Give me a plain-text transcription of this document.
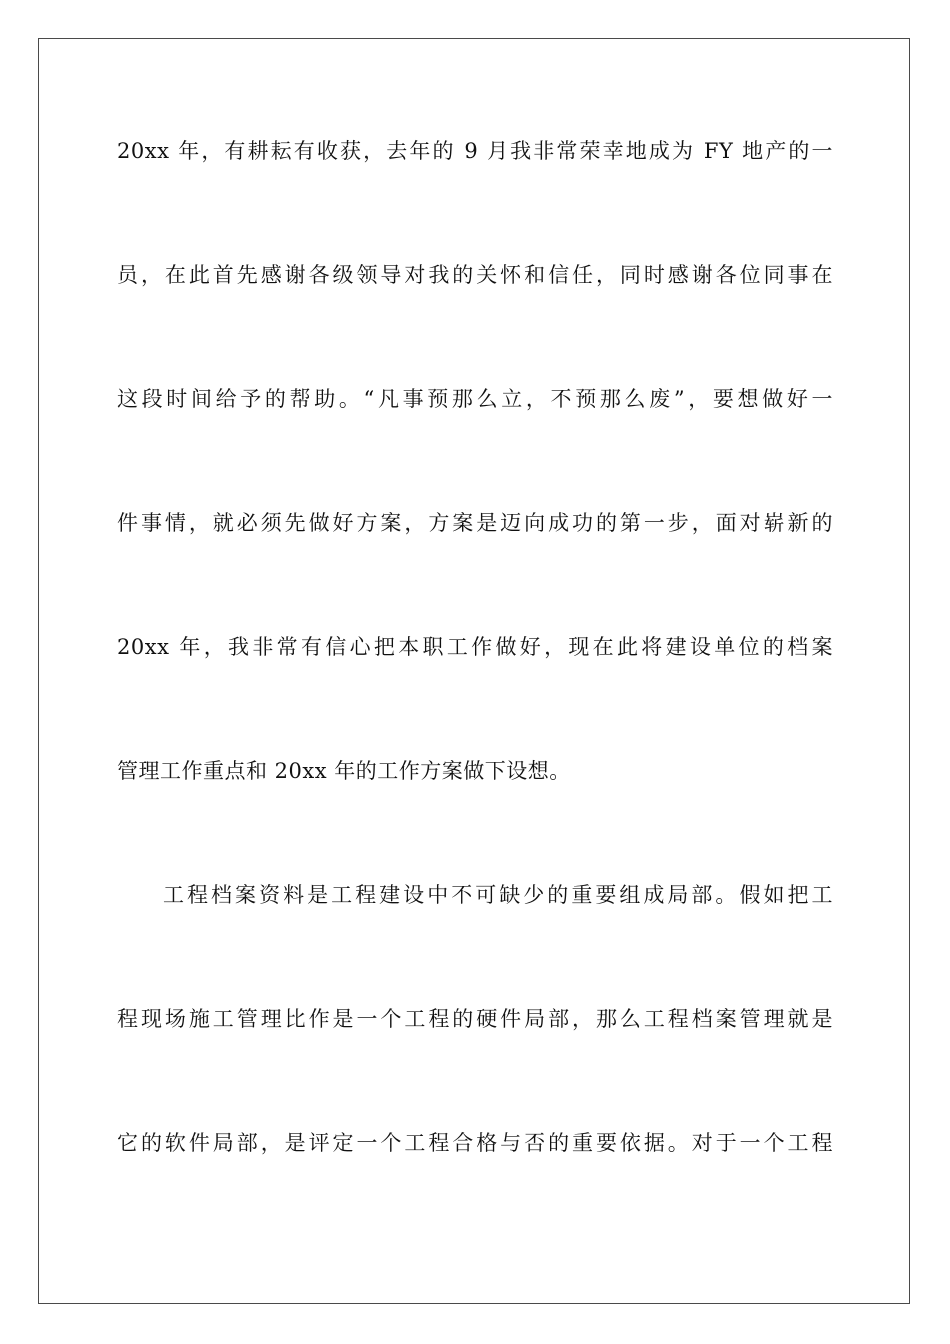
20xx 年，有耕耘有收获，去年的 9 月我非常荣幸地成为 FY 地产的一
员，在此首先感谢各级领导对我的关怀和信任，同时感谢各位同事在
这段时间给予的帮助。“凡事预那么立，不预那么废”，要想做好一
件事情，就必须先做好方案，方案是迈向成功的第一步，面对崭新的
20xx 年，我非常有信心把本职工作做好，现在此将建设单位的档案
管理工作重点和 20xx 年的工作方案做下设想。
工程档案资料是工程建设中不可缺少的重要组成局部。假如把工
程现场施工管理比作是一个工程的硬件局部，那么工程档案管理就是
它的软件局部，是评定一个工程合格与否的重要依据。对于一个工程
